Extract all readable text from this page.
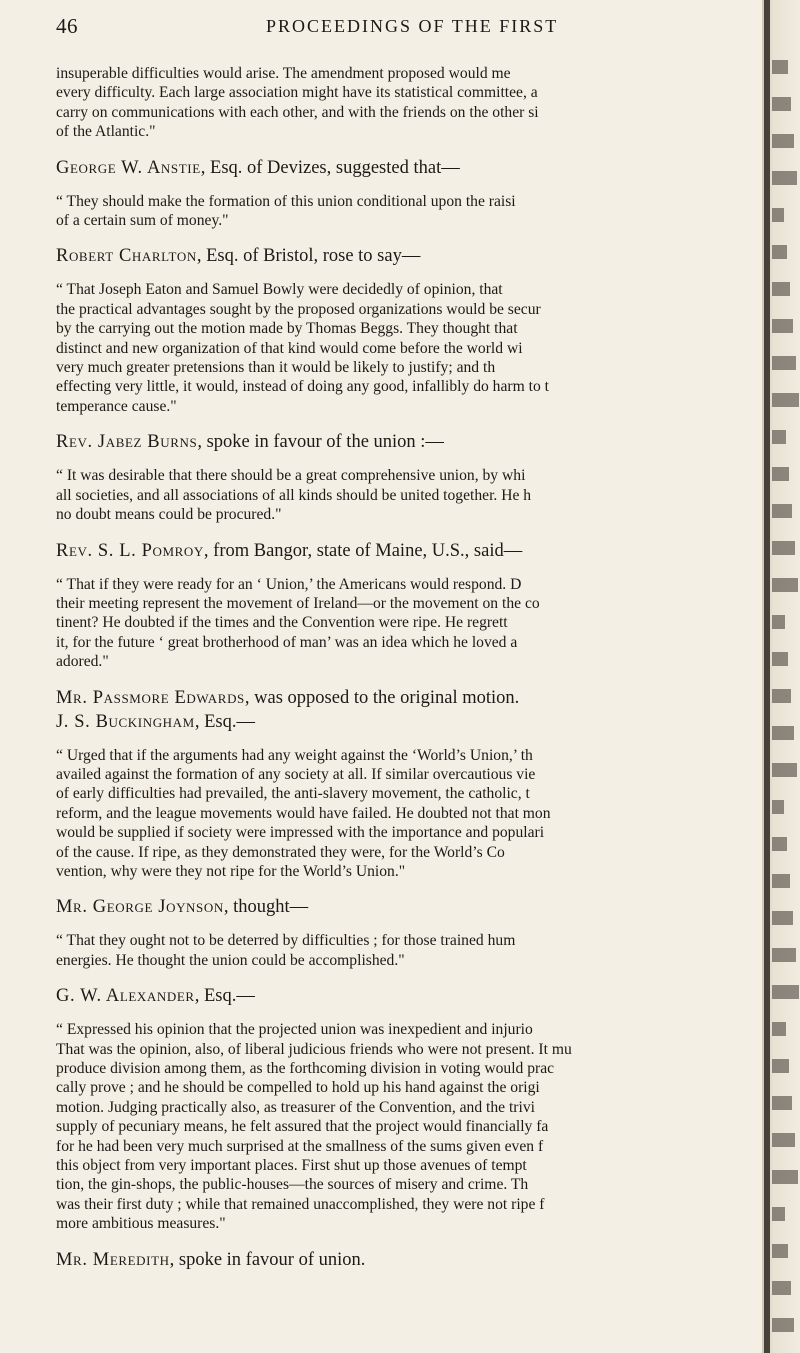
46	PROCEEDINGS OF THE FIRST

insuperable difficulties would arise. The amendment proposed would me
every difficulty. Each large association might have its statistical committee, a
carry on communications with each other, and with the friends on the other si
of the Atlantic."

George W. Anstie, Esq. of Devizes, suggested that—

“ They should make the formation of this union conditional upon the raisi
of a certain sum of money."

Robert Charlton, Esq. of Bristol, rose to say—

“ That Joseph Eaton and Samuel Bowly were decidedly of opinion, that
the practical advantages sought by the proposed organizations would be secur
by the carrying out the motion made by Thomas Beggs. They thought that
distinct and new organization of that kind would come before the world wi
very much greater pretensions than it would be likely to justify; and th
effecting very little, it would, instead of doing any good, infallibly do harm to t
temperance cause."

Rev. Jabez Burns, spoke in favour of the union :—

“ It was desirable that there should be a great comprehensive union, by whi
all societies, and all associations of all kinds should be united together. He h
no doubt means could be procured."

Rev. S. L. Pomroy, from Bangor, state of Maine, U.S., said—

“ That if they were ready for an ‘ Union,’ the Americans would respond. D
their meeting represent the movement of Ireland—or the movement on the co
tinent? He doubted if the times and the Convention were ripe. He regrett
it, for the future ‘ great brotherhood of man’ was an idea which he loved a
adored."

Mr. Passmore Edwards, was opposed to the original motion.

J. S. Buckingham, Esq.—

“ Urged that if the arguments had any weight against the ‘World’s Union,’ th
availed against the formation of any society at all. If similar overcautious vie
of early difficulties had prevailed, the anti-slavery movement, the catholic, t
reform, and the league movements would have failed. He doubted not that mon
would be supplied if society were impressed with the importance and populari
of the cause. If ripe, as they demonstrated they were, for the World’s Co
vention, why were they not ripe for the World’s Union."

Mr. George Joynson, thought—

“ That they ought not to be deterred by difficulties ; for those trained hum
energies. He thought the union could be accomplished."

G. W. Alexander, Esq.—

“ Expressed his opinion that the projected union was inexpedient and injurio
That was the opinion, also, of liberal judicious friends who were not present. It mu
produce division among them, as the forthcoming division in voting would prac
cally prove ; and he should be compelled to hold up his hand against the origi
motion. Judging practically also, as treasurer of the Convention, and the trivi
supply of pecuniary means, he felt assured that the project would financially fa
for he had been very much surprised at the smallness of the sums given even f
this object from very important places. First shut up those avenues of tempt
tion, the gin-shops, the public-houses—the sources of misery and crime. Th
was their first duty ; while that remained unaccomplished, they were not ripe f
more ambitious measures."

Mr. Meredith, spoke in favour of union.
